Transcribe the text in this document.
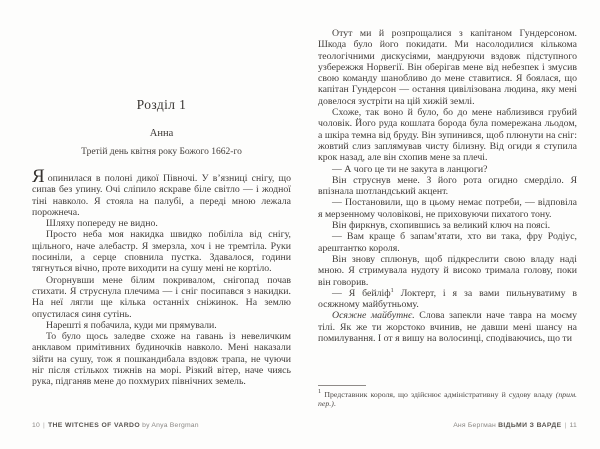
Розділ 1
Анна
Третій день квітня року Божого 1662-го

Яопинилася в полоні дикої Півночі. У в’язниці снігу, що сипав без упину. Очі сліпило яскраве біле світло — і жодної тіні навколо. Я стояла на палубі, а переді мною лежала порожнеча.

Шляху попереду не видно.

Просто неба моя накидка швидко побіліла від снігу, щільного, наче алебастр. Я змерзла, хоч і не тремтіла. Руки посиніли, а серце сповнила пустка. Здавалося, години тягнуться вічно, проте виходити на сушу мені не кортіло.

Огорнувши мене білим покривалом, снігопад почав стихати. Я струснула плечима — і сніг посипався з накидки. На неї лягли ще кілька останніх сніжинок. На землю опустилася синя сутінь.

Нарешті я побачила, куди ми прямували.

То було щось заледве схоже на гавань із невеличким анклавом примітивних будиночків навколо. Мені наказали зійти на сушу, тож я пошкандибала вздовж трапа, не чуючи ніг після стількох тижнів на морі. Різкий вітер, наче чиясь рука, підганяв мене до похмурих північних земель.

10 | THE WITCHES OF VARDO by Anya Bergman

Отут ми й розпрощалися з капітаном Гундерсоном. Шкода було його покидати. Ми насолодилися кількома теологічними дискусіями, мандруючи вздовж підступного узбережжя Норвегії. Він оберігав мене від небезпек і змусив свою команду шанобливо до мене ставитися. Я боялася, що капітан Гундерсон — остання цивілізована людина, яку мені довелося зустріти на цій хижій землі.

Схоже, так воно й було, бо до мене наблизився грубий чоловік. Його руда кошлата борода була помережана льодом, а шкіра темна від бруду. Він зупинився, щоб плюнути на сніг: жовтий слиз заплямував чисту білизну. Від огиди я ступила крок назад, але він схопив мене за плечі.

— А чого це ти не закута в ланцюги?

Він струснув мене. З його рота огидно смерділо. Я впізнала шотландський акцент.

— Постановили, що в цьому немає потреби, — відповіла я мерзенному чоловікові, не приховуючи пихатого тону.

Він фиркнув, схопившись за великий ключ на поясі.

— Вам краще б запам’ятати, хто ви така, фру Родіус, арештантко короля.

Він знову сплюнув, щоб підкреслити свою владу наді мною. Я стримувала нудоту й високо тримала голову, поки він говорив.

— Я бейліф$^1$ Локтерт, і я за вами пильнуватиму в осяжному майбутньому.

Осяжне майбутнє. Слова запекли наче тавра на моєму тілі. Як же ти жорстоко вчинив, не давши мені шансу на помилування. І от я вишу на волосинці, сподіваючись, що ти

$^1$ Представник короля, що здійснює адміністративну й судову владу (прим. пер.).
Аня Бергман ВІДЬМИ З ВАРДЕ | 11
